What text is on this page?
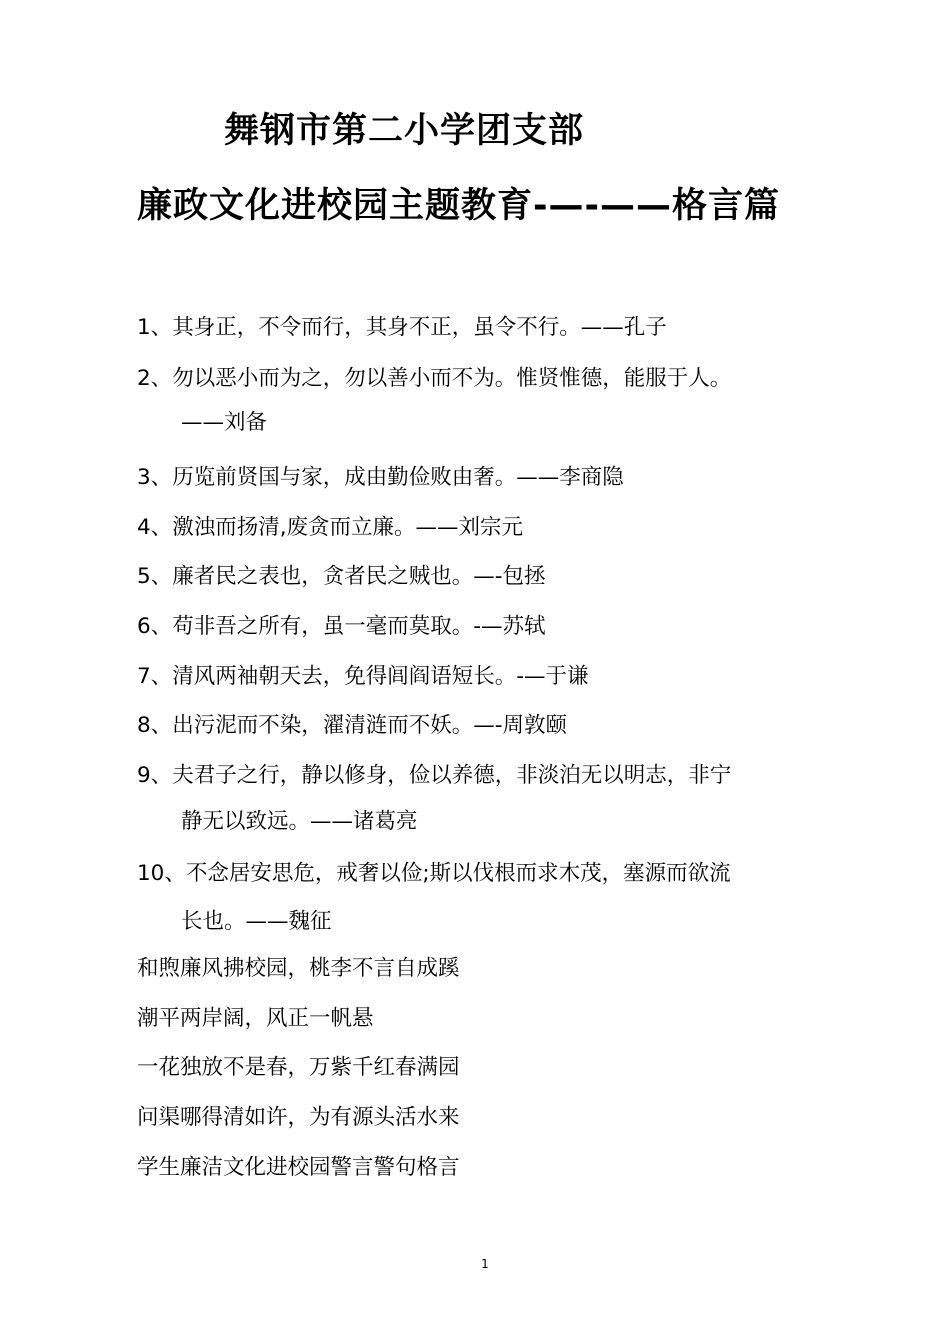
舞钢市第二小学团支部
廉政文化进校园主题教育-—-——格言篇
1、其身正，不令而行，其身不正，虽令不行。——孔子
2、勿以恶小而为之，勿以善小而不为。惟贤惟德，能服于人。
——刘备
3、历览前贤国与家，成由勤俭败由奢。——李商隐
4、激浊而扬清,废贪而立廉。——刘宗元
5、廉者民之表也，贪者民之贼也。—-包拯
6、苟非吾之所有，虽一毫而莫取。-—苏轼
7、清风两袖朝天去，免得闾阎语短长。-—于谦
8、出污泥而不染，濯清涟而不妖。—-周敦颐
9、夫君子之行，静以修身，俭以养德，非淡泊无以明志，非宁
静无以致远。——诸葛亮
10、不念居安思危，戒奢以俭;斯以伐根而求木茂，塞源而欲流
长也。——魏征
和煦廉风拂校园，桃李不言自成蹊
潮平两岸阔，风正一帆悬
一花独放不是春，万紫千红春满园
问渠哪得清如许，为有源头活水来
学生廉洁文化进校园警言警句格言
1
